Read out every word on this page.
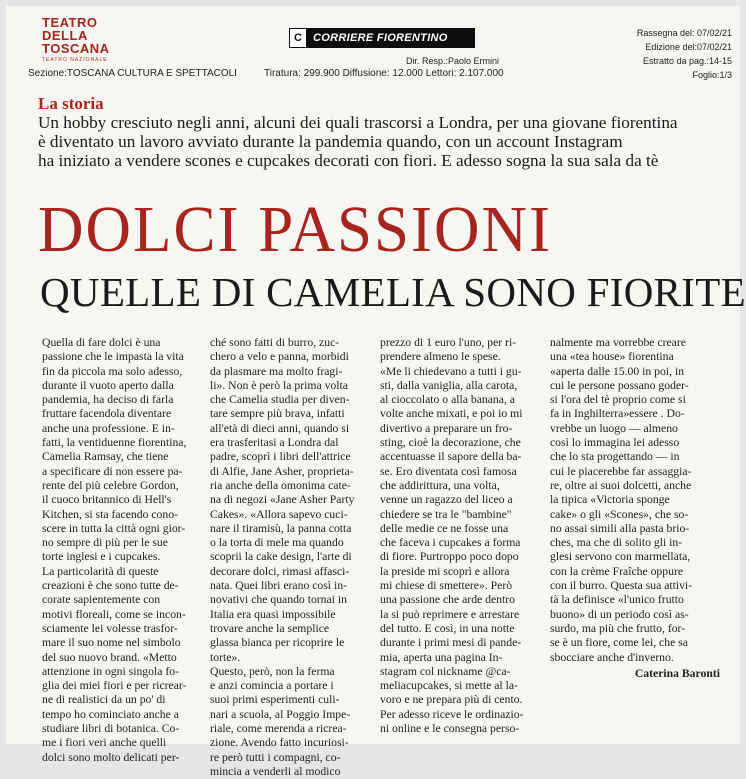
TEATRO
DELLA
TOSCANA
TEATRO NAZIONALE
Sezione:TOSCANA CULTURA E SPETTACOLI
C	CORRIERE FIORENTINO
Dir. Resp.:Paolo Ermini
Tiratura: 299.900 Diffusione: 12.000 Lettori: 2.107.000
Rassegna del: 07/02/21
Edizione del:07/02/21
Estratto da pag.:14-15
Foglio:1/3
La storia
Un hobby cresciuto negli anni, alcuni dei quali trascorsi a Londra, per una giovane fiorentina
è diventato un lavoro avviato durante la pandemia quando, con un account Instagram
ha iniziato a vendere scones e cupcakes decorati con fiori. E adesso sogna la sua sala da tè
DOLCI PASSIONI
QUELLE DI CAMELIA SONO FIORITE
Quella di fare dolci è una
passione che le impasta la vita
fin da piccola ma solo adesso,
durante il vuoto aperto dalla
pandemia, ha deciso di farla
fruttare facendola diventare
anche una professione. E in-
fatti, la ventiduenne fiorentina,
Camelia Ramsay, che tiene
a specificare di non essere pa-
rente del più celebre Gordon,
il cuoco britannico di Hell's
Kitchen, si sta facendo cono-
scere in tutta la città ogni gior-
no sempre di più per le sue
torte inglesi e i cupcakes.
La particolarità di queste
creazioni è che sono tutte de-
corate sapientemente con
motivi floreali, come se incon-
sciamente lei volesse trasfor-
mare il suo nome nel simbolo
del suo nuovo brand. «Metto
attenzione in ogni singola fo-
glia dei miei fiori e per ricrear-
ne di realistici da un po' di
tempo ho cominciato anche a
studiare libri di botanica. Co-
me i fiori veri anche quelli
dolci sono molto delicati per-
ché sono fatti di burro, zuc-
chero a velo e panna, morbidi
da plasmare ma molto fragi-
li». Non è però la prima volta
che Camelia studia per diven-
tare sempre più brava, infatti
all'età di dieci anni, quando si
era trasferitasi a Londra dal
padre, scoprì i libri dell'attrice
di Alfie, Jane Asher, proprieta-
ria anche della omonima cate-
na di negozi «Jane Asher Party
Cakes». «Allora sapevo cuci-
nare il tiramisù, la panna cotta
o la torta di mele ma quando
scoprii la cake design, l'arte di
decorare dolci, rimasi affasci-
nata. Quei libri erano così in-
novativi che quando tornai in
Italia era quasi impossibile
trovare anche la semplice
glassa bianca per ricoprire le
torte».
Questo, però, non la ferma
e anzi comincia a portare i
suoi primi esperimenti culi-
nari a scuola, al Poggio Impe-
riale, come merenda a ricrea-
zione. Avendo fatto incuriosi-
re però tutti i compagni, co-
mincia a venderli al modico
prezzo di 1 euro l'uno, per ri-
prendere almeno le spese.
«Me li chiedevano a tutti i gu-
sti, dalla vaniglia, alla carota,
al cioccolato o alla banana, a
volte anche mixati, e poi io mi
divertivo a preparare un fro-
sting, cioè la decorazione, che
accentuasse il sapore della ba-
se. Ero diventata così famosa
che addirittura, una volta,
venne un ragazzo del liceo a
chiedere se tra le "bambine"
delle medie ce ne fosse una
che faceva i cupcakes a forma
di fiore. Purtroppo poco dopo
la preside mi scoprì e allora
mi chiese di smettere». Però
una passione che arde dentro
la si può reprimere e arrestare
del tutto. E così, in una notte
durante i primi mesi di pande-
mia, aperta una pagina In-
stagram col nickname @ca-
meliacupcakes, si mette al la-
voro e ne prepara più di cento.
Per adesso riceve le ordinazio-
ni online e le consegna perso-
nalmente ma vorrebbe creare
una «tea house» fiorentina
«aperta dalle 15.00 in poi, in
cui le persone possano goder-
si l'ora del tè proprio come si
fa in Inghilterra»essere . Do-
vrebbe un luogo — almeno
così lo immagina lei adesso
che lo sta progettando — in
cui le piacerebbe far assaggia-
re, oltre ai suoi dolcetti, anche
la tipica «Victoria sponge
cake» o gli «Scones», che so-
no assai simili alla pasta brio-
ches, ma che di solito gli in-
glesi servono con marmellata,
con la crème Fraîche oppure
con il burro. Questa sua attivi-
tà la definisce «l'unico frutto
buono» di un periodo così as-
surdo, ma più che frutto, for-
se è un fiore, come lei, che sa
sbocciare anche d'inverno.
Caterina Baronti
